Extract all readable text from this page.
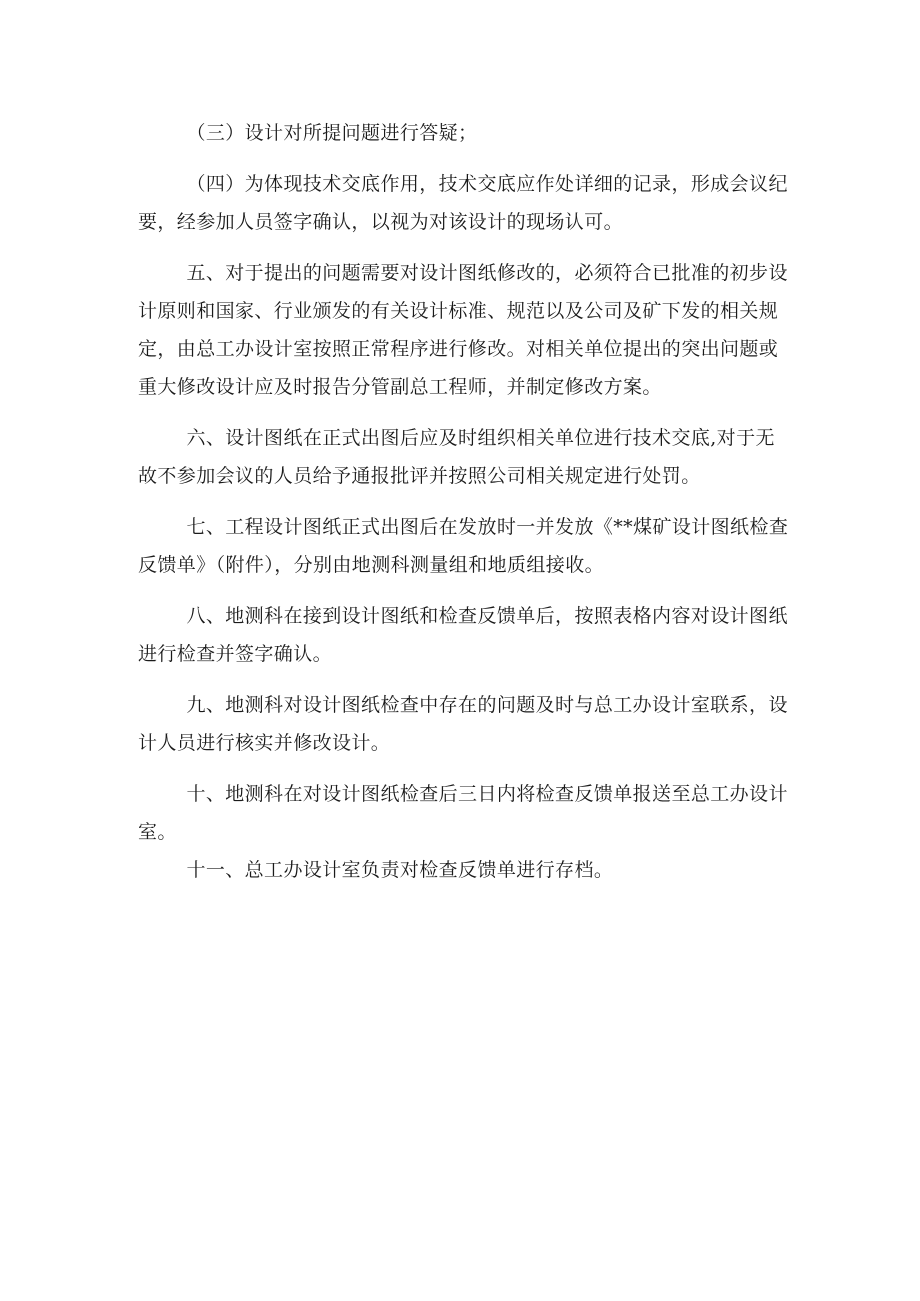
（三）设计对所提问题进行答疑；

（四）为体现技术交底作用，技术交底应作处详细的记录，形成会议纪要，经参加人员签字确认，以视为对该设计的现场认可。

五、对于提出的问题需要对设计图纸修改的，必须符合已批准的初步设计原则和国家、行业颁发的有关设计标准、规范以及公司及矿下发的相关规定，由总工办设计室按照正常程序进行修改。对相关单位提出的突出问题或重大修改设计应及时报告分管副总工程师，并制定修改方案。

六、设计图纸在正式出图后应及时组织相关单位进行技术交底,对于无故不参加会议的人员给予通报批评并按照公司相关规定进行处罚。

七、工程设计图纸正式出图后在发放时一并发放《**煤矿设计图纸检查反馈单》（附件），分别由地测科测量组和地质组接收。

八、地测科在接到设计图纸和检查反馈单后，按照表格内容对设计图纸进行检查并签字确认。

九、地测科对设计图纸检查中存在的问题及时与总工办设计室联系，设计人员进行核实并修改设计。

十、地测科在对设计图纸检查后三日内将检查反馈单报送至总工办设计室。

十一、总工办设计室负责对检查反馈单进行存档。
